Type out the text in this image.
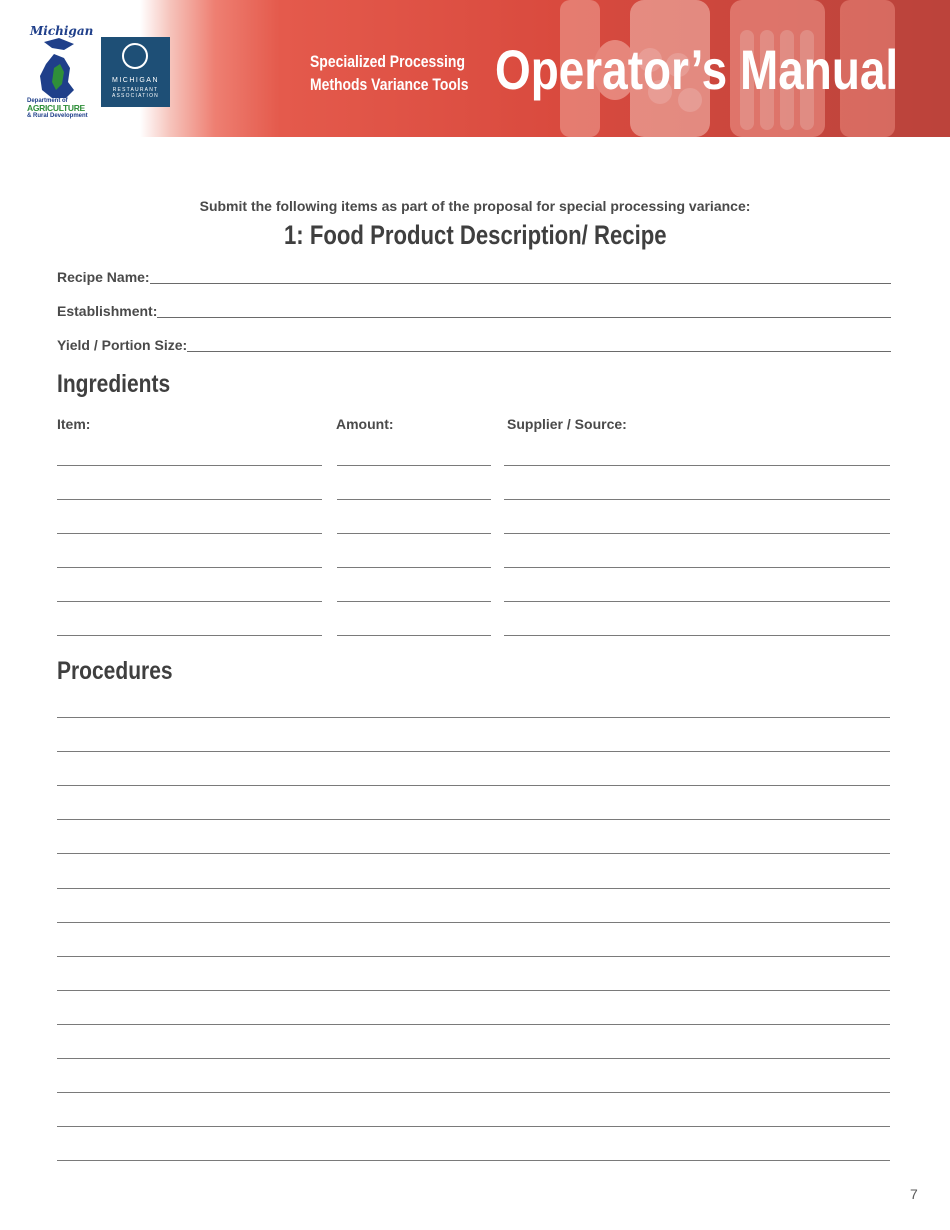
Michigan
Department of
AGRICULTURE
& Rural Development
MICHIGAN
RESTAURANT ASSOCIATION
Specialized Processing
Methods Variance Tools Operator’s Manual
Submit the following items as part of the proposal for special processing variance:
1: Food Product Description/ Recipe
Recipe Name:
Establishment:
Yield / Portion Size:
Ingredients
Item:	Amount:	Supplier / Source:
Procedures
7
